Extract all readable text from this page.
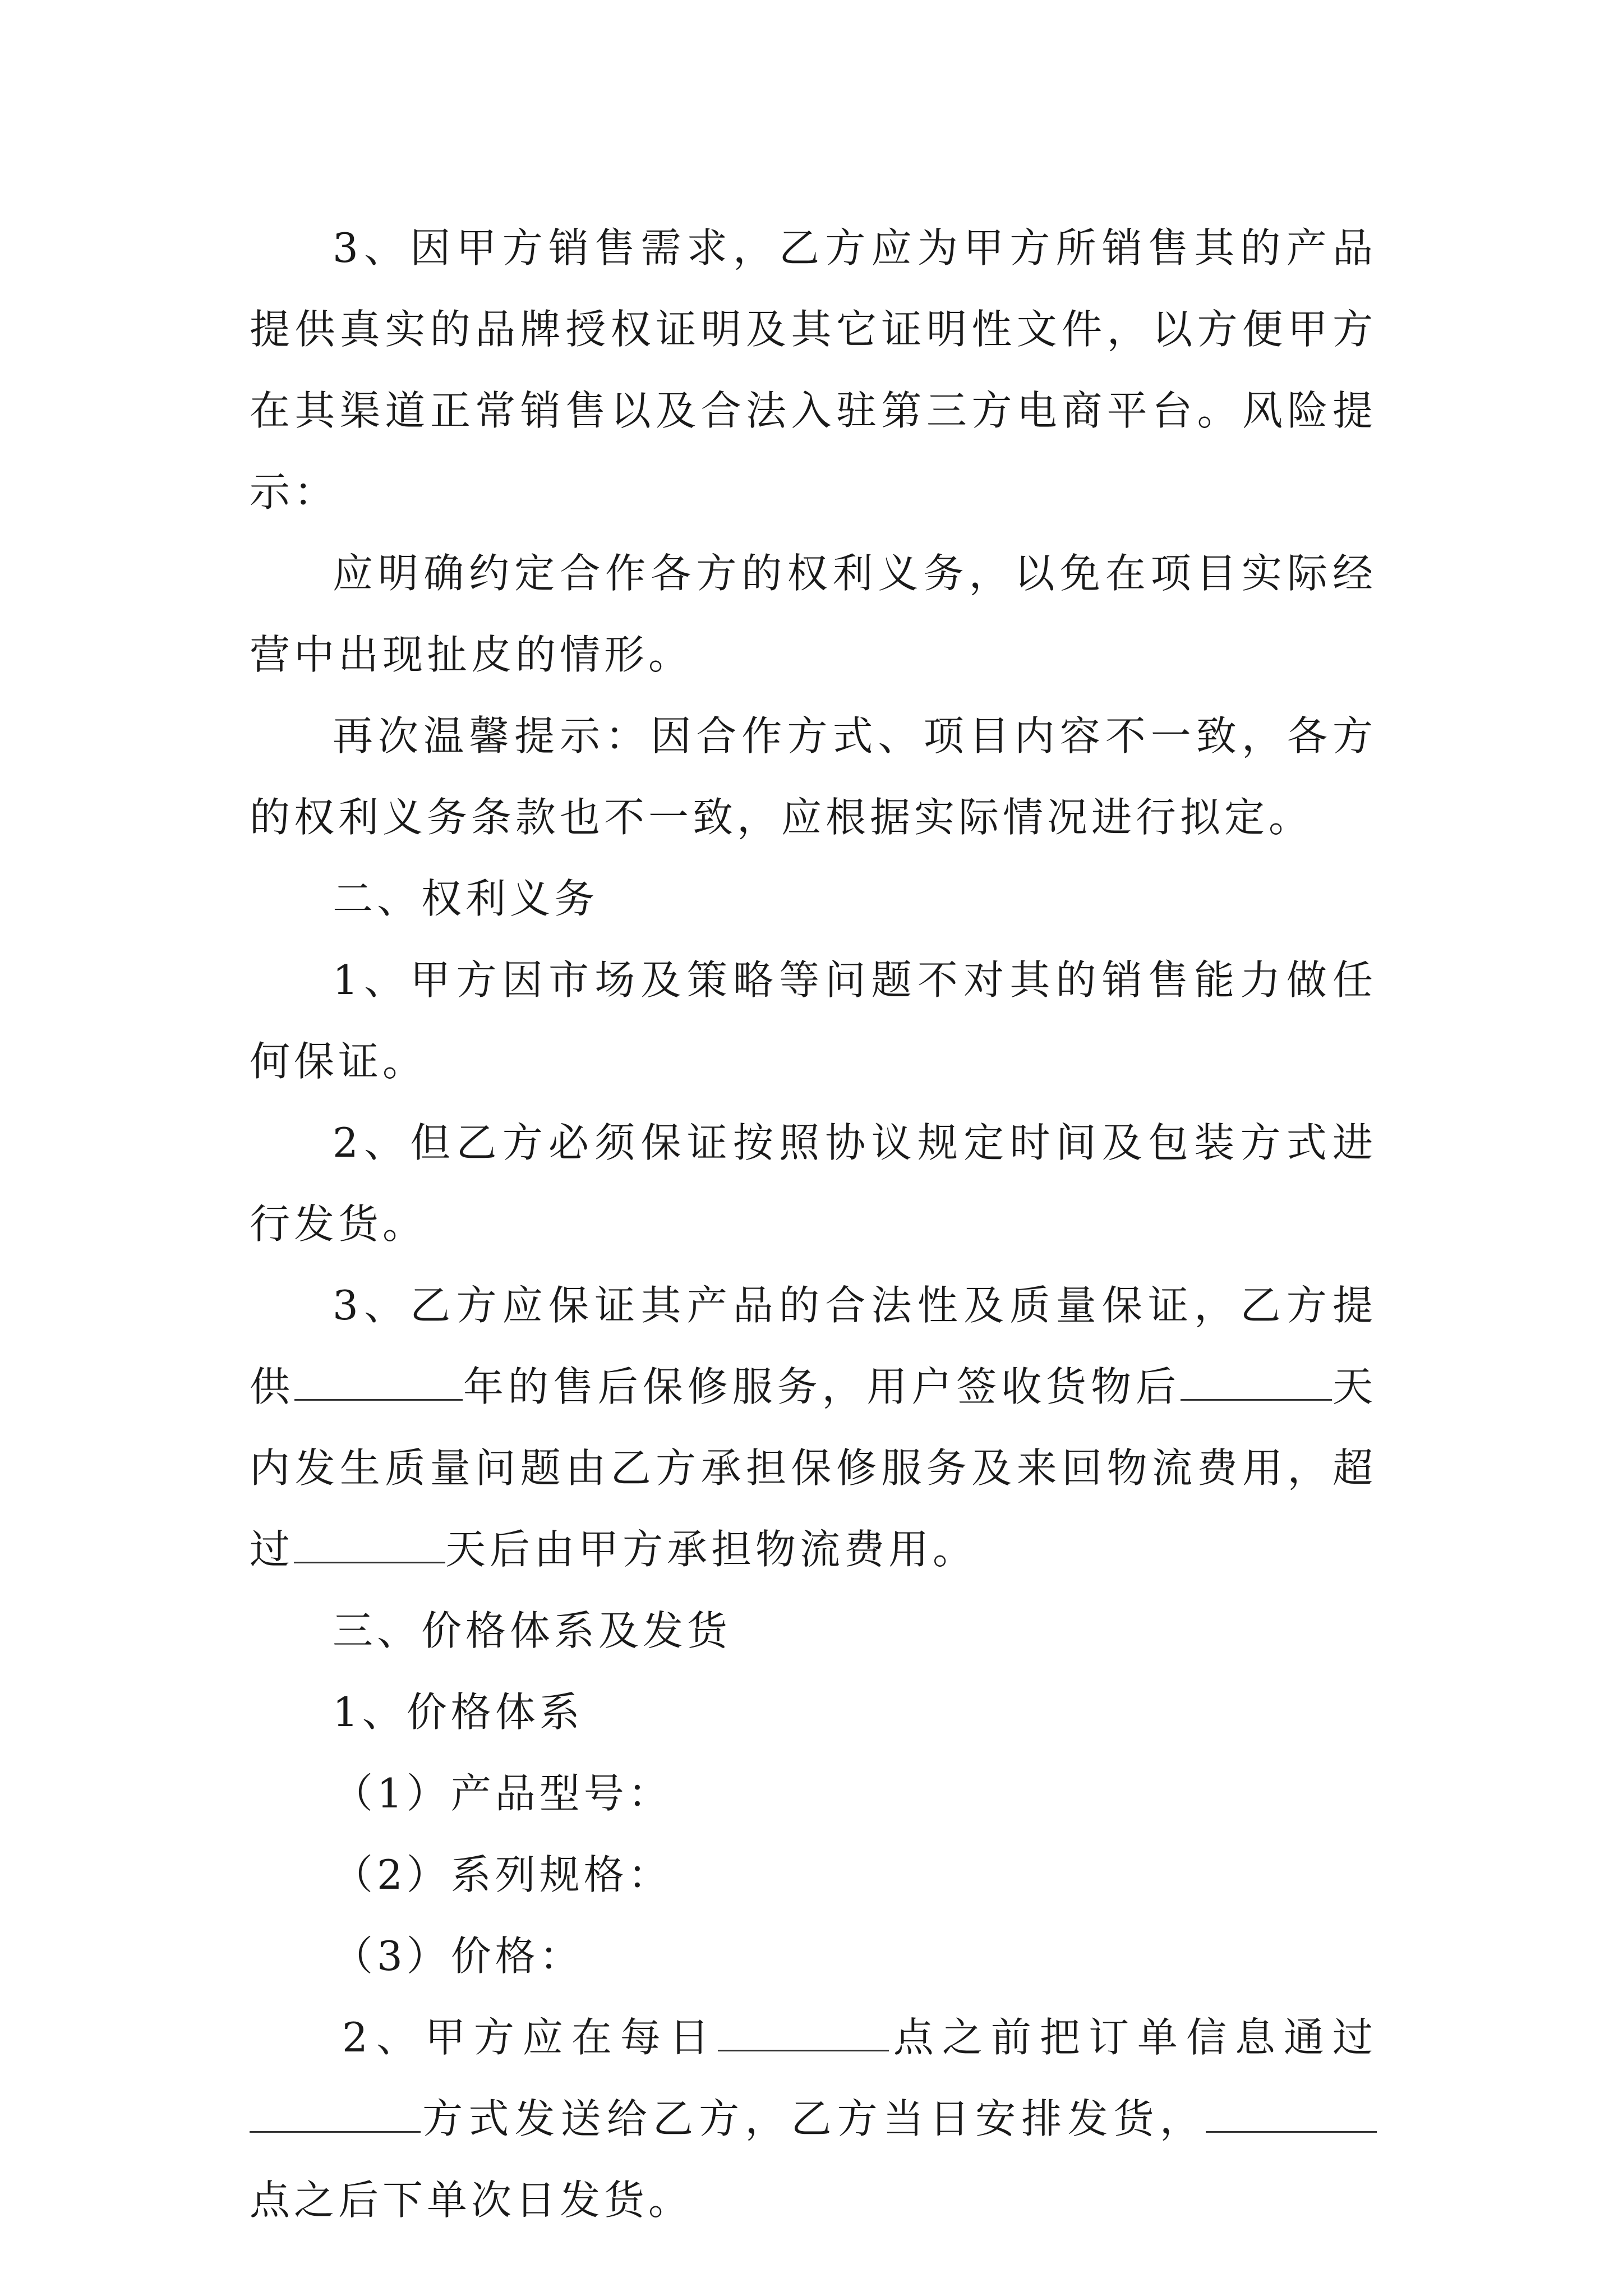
3、因甲方销售需求，乙方应为甲方所销售其的产品提供真实的品牌授权证明及其它证明性文件，以方便甲方在其渠道正常销售以及合法入驻第三方电商平台。风险提示：

应明确约定合作各方的权利义务，以免在项目实际经营中出现扯皮的情形。

再次温馨提示：因合作方式、项目内容不一致，各方的权利义务条款也不一致，应根据实际情况进行拟定。

二、权利义务

1、甲方因市场及策略等问题不对其的销售能力做任何保证。

2、但乙方必须保证按照协议规定时间及包装方式进行发货。

3、乙方应保证其产品的合法性及质量保证，乙方提供	年的售后保修服务，用户签收货物后	天内发生质量问题由乙方承担保修服务及来回物流费用，超过	天后由甲方承担物流费用。

三、价格体系及发货

1、价格体系

（1）产品型号：

（2）系列规格：

（3）价格：

2、甲方应在每日	点之前把订单信息通过方式发送给乙方，乙方当日安排发货，点之后下单次日发货。
